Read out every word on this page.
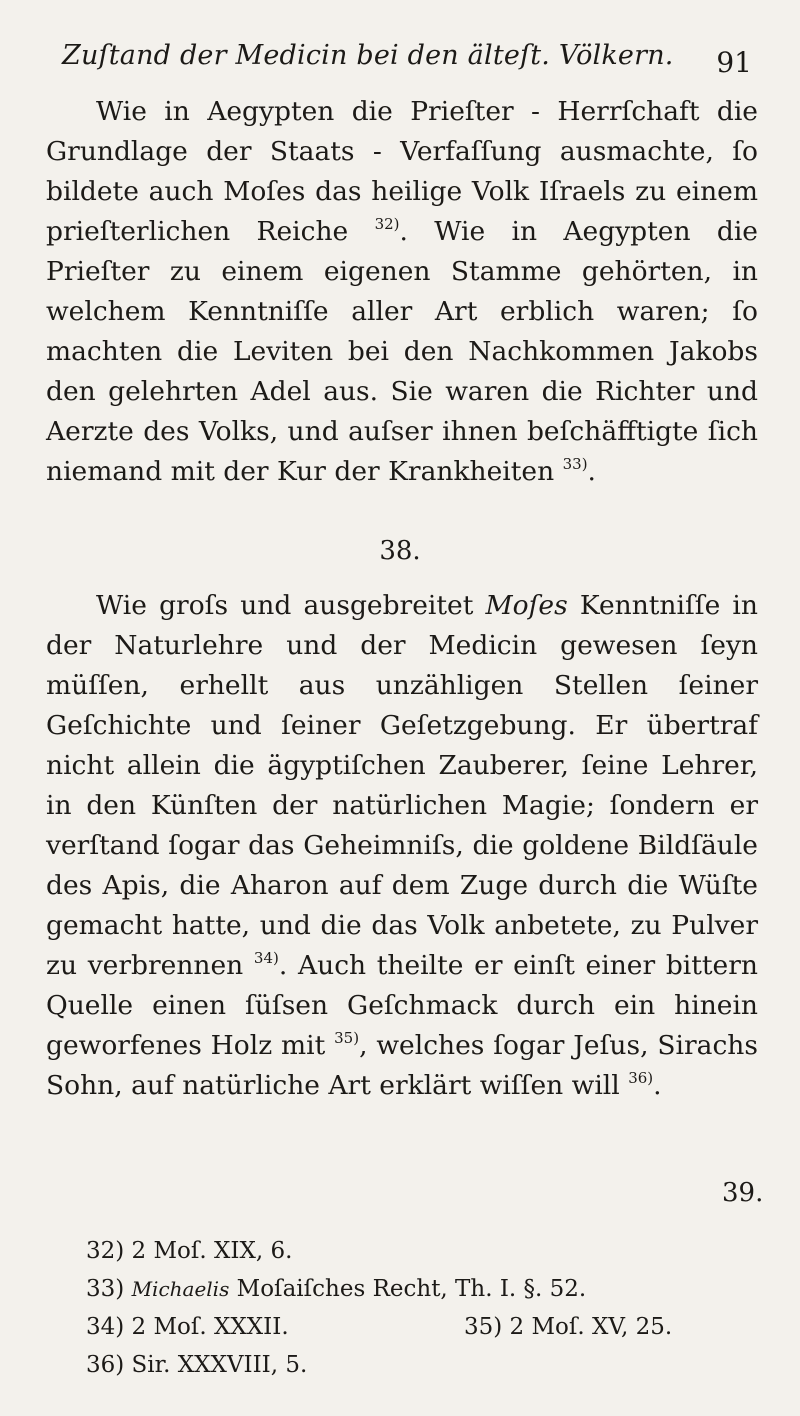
Zuſtand der Medicin bei den älteſt. Völkern. 91

Wie in Aegypten die Prieſter - Herrſchaft die Grundlage der Staats - Verfaſſung ausmachte, ſo bildete auch Moſes das heilige Volk Iſraels zu einem prieſterlichen Reiche $^{32)}$. Wie in Aegypten die Prieſter zu einem eigenen Stamme gehörten, in welchem Kenntniſſe aller Art erblich waren; ſo machten die Leviten bei den Nachkommen Jakobs den gelehrten Adel aus. Sie waren die Richter und Aerzte des Volks, und auſser ihnen beſchäfftigte ſich niemand mit der Kur der Krankheiten $^{33)}$.

38.

Wie groſs und ausgebreitet Moſes Kenntniſſe in der Naturlehre und der Medicin gewesen ſeyn müſſen, erhellt aus unzähligen Stellen ſeiner Geſchichte und ſeiner Geſetzgebung. Er übertraf nicht allein die ägyptiſchen Zauberer, ſeine Lehrer, in den Künſten der natürlichen Magie; ſondern er verſtand ſogar das Geheimniſs, die goldene Bildſäule des Apis, die Aharon auf dem Zuge durch die Wüſte gemacht hatte, und die das Volk anbetete, zu Pulver zu verbrennen $^{34)}$. Auch theilte er einſt einer bittern Quelle einen ſüſsen Geſchmack durch ein hinein geworfenes Holz mit $^{35)}$, welches ſogar Jeſus, Sirachs Sohn, auf natürliche Art erklärt wiſſen will $^{36)}$.

39.
32) 2 Moſ. XIX, 6.
33) Michaelis Moſaiſches Recht, Th. I. §. 52.
34) 2 Moſ. XXXII.	35) 2 Moſ. XV, 25.
36) Sir. XXXVIII, 5.
